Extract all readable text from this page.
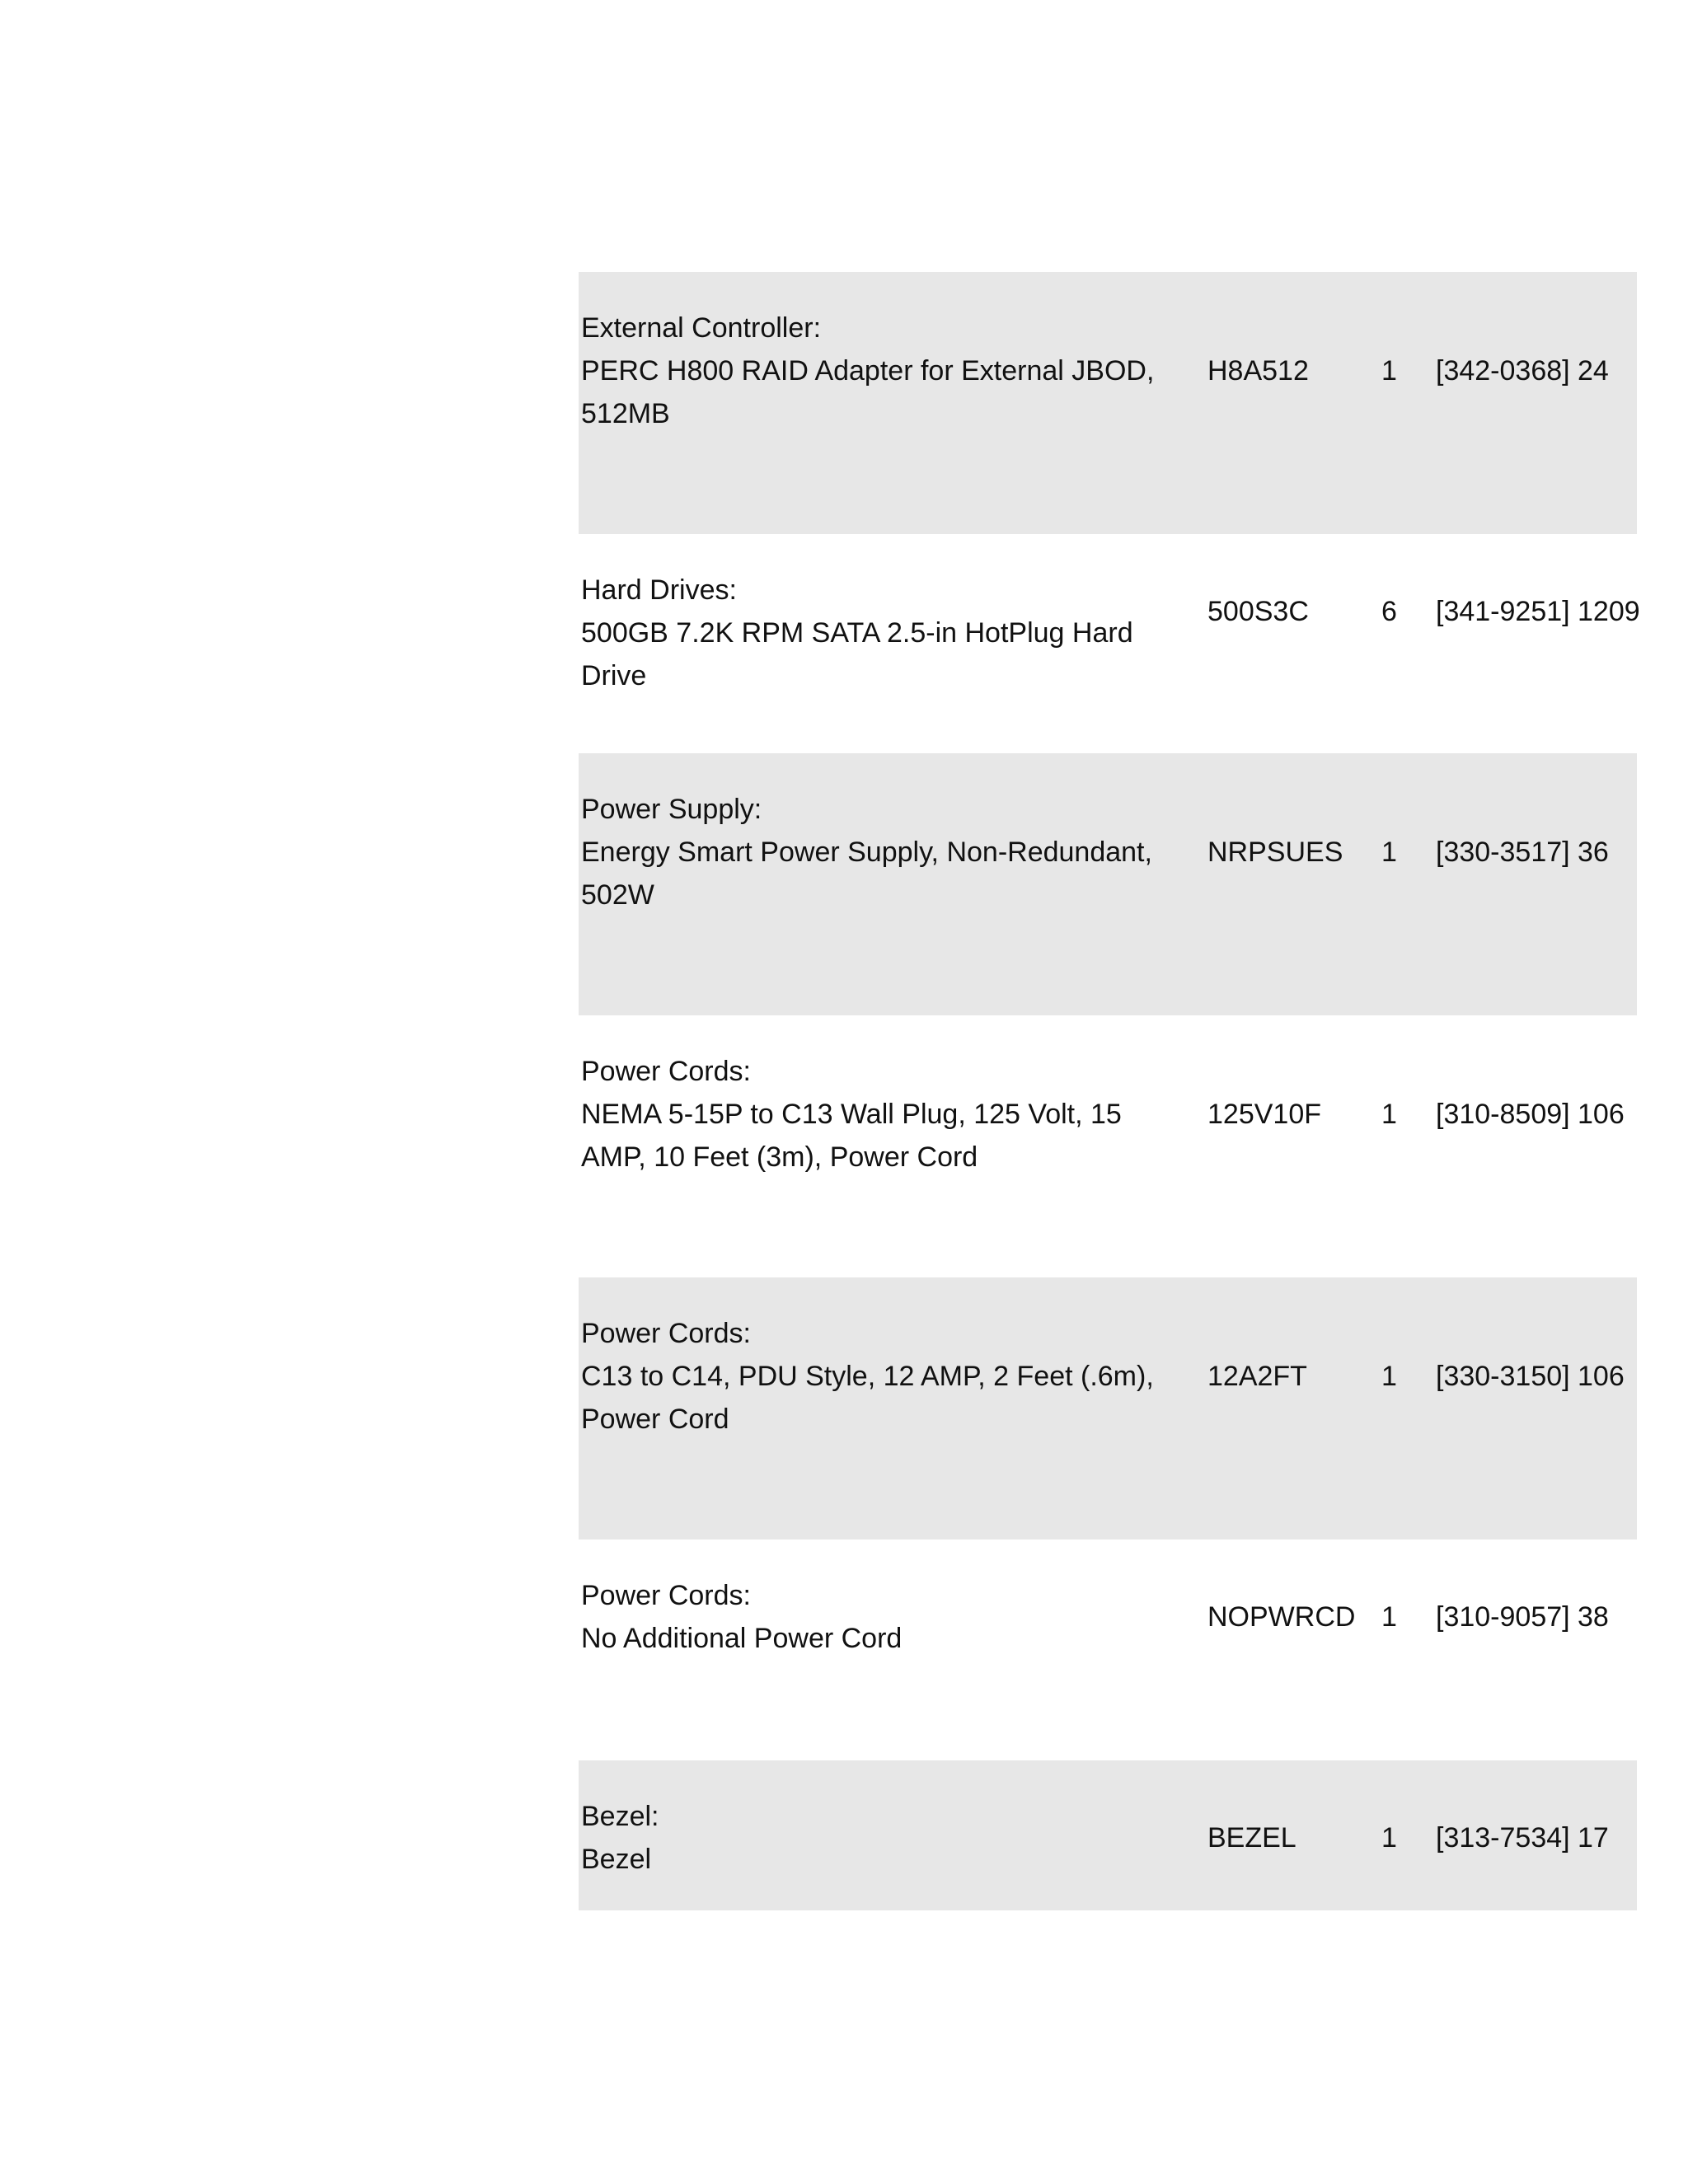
External Controller:
PERC H800 RAID Adapter for External JBOD, 512MB
H8A512	1 [342-0368] 24
Hard Drives:
500GB 7.2K RPM SATA 2.5-in HotPlug Hard Drive
500S3C	6 [341-9251] 1209
Power Supply:
Energy Smart Power Supply, Non-Redundant, 502W
NRPSUES 1 [330-3517] 36
Power Cords:
NEMA 5-15P to C13 Wall Plug, 125 Volt, 15 AMP, 10 Feet (3m), Power Cord
125V10F 1 [310-8509] 106
Power Cords:
C13 to C14, PDU Style, 12 AMP, 2 Feet (.6m), Power Cord
12A2FT	1 [330-3150] 106
Power Cords:
No Additional Power Cord
NOPWRCD 1 [310-9057] 38
Bezel:
Bezel
BEZEL	1 [313-7534] 17
